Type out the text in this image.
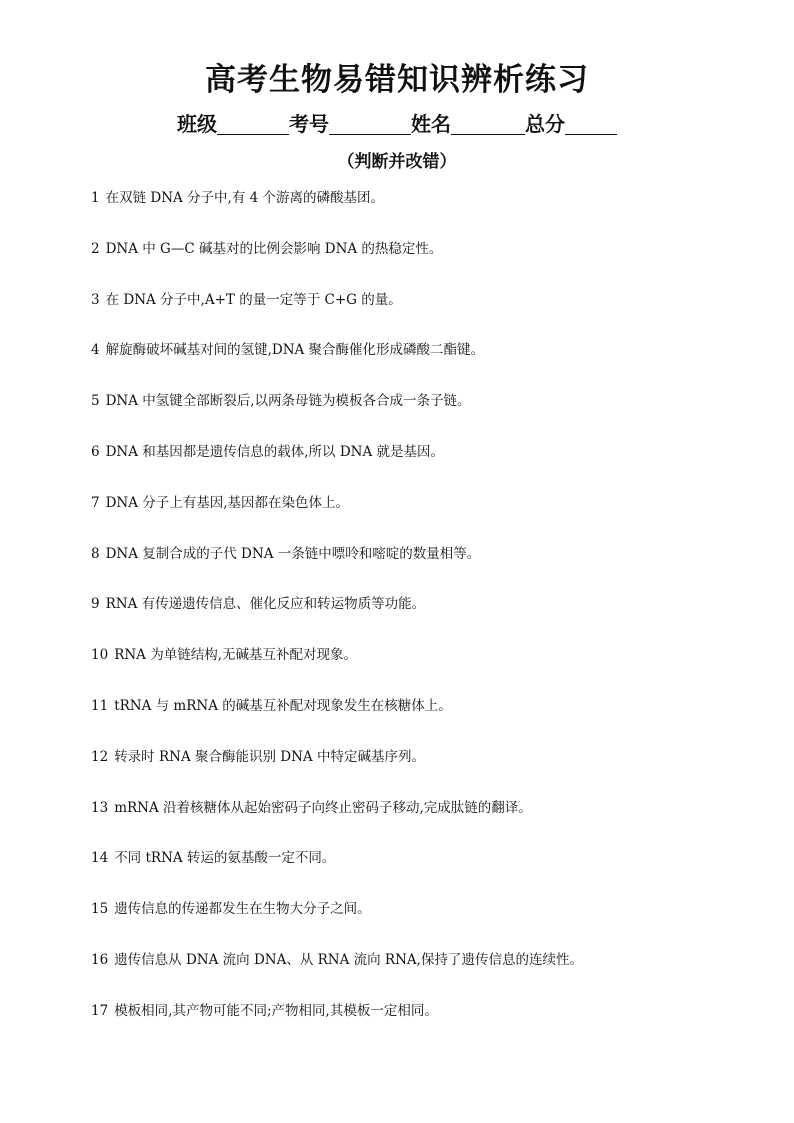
高考生物易错知识辨析练习
班级	考号	姓名	总分
（判断并改错）
1 在双链 DNA 分子中,有 4 个游离的磷酸基团。
2 DNA 中 G—C 碱基对的比例会影响 DNA 的热稳定性。
3 在 DNA 分子中,A+T 的量一定等于 C+G 的量。
4 解旋酶破坏碱基对间的氢键,DNA 聚合酶催化形成磷酸二酯键。
5 DNA 中氢键全部断裂后,以两条母链为模板各合成一条子链。
6 DNA 和基因都是遗传信息的载体,所以 DNA 就是基因。
7 DNA 分子上有基因,基因都在染色体上。
8 DNA 复制合成的子代 DNA 一条链中嘌呤和嘧啶的数量相等。
9 RNA 有传递遗传信息、催化反应和转运物质等功能。
10 RNA 为单链结构,无碱基互补配对现象。
11 tRNA 与 mRNA 的碱基互补配对现象发生在核糖体上。
12 转录时 RNA 聚合酶能识别 DNA 中特定碱基序列。
13 mRNA 沿着核糖体从起始密码子向终止密码子移动,完成肽链的翻译。
14 不同 tRNA 转运的氨基酸一定不同。
15 遗传信息的传递都发生在生物大分子之间。
16 遗传信息从 DNA 流向 DNA、从 RNA 流向 RNA,保持了遗传信息的连续性。
17 模板相同,其产物可能不同;产物相同,其模板一定相同。
